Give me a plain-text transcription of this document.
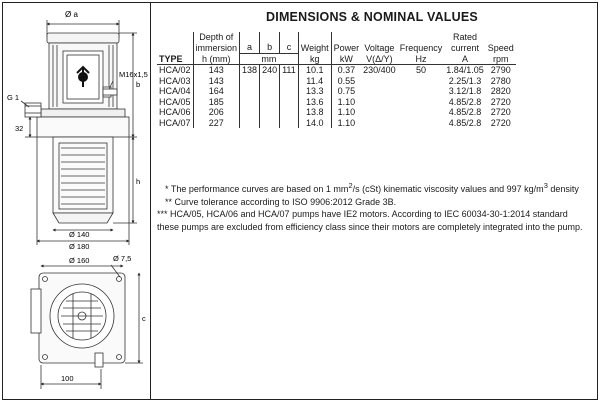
Ø a
M16x1,5
b
G 1
32
h
Ø 140
Ø 180
Ø 160	Ø 7,5
c
100
DIMENSIONS & NOMINAL VALUES
TYPE	Depth of
immersion	a	b	c	Weight	Power	Voltage	Frequency	Rated
current	Speed
	h (mm)	mm			kg	kW	V(Δ/Y)	Hz	A	rpm
HCA/02	143	138	240	111	10.1	0.37	230/400	50	1.84/1.05	2790
HCA/03	143				11.4	0.55			2.25/1.3	2780
HCA/04	164				13.3	0.75			3.12/1.8	2820
HCA/05	185				13.6	1.10			4.85/2.8	2720
HCA/06	206				13.8	1.10			4.85/2.8	2720
HCA/07	227				14.0	1.10			4.85/2.8	2720

* The performance curves are based on 1 $mm^2/s$ (cSt) kinematic viscosity values and 997 $kg/m^3$ density

** Curve tolerance according to ISO 9906:2012 Grade 3B.

*** HCA/05, HCA/06 and HCA/07 pumps have IE2 motors. According to IEC 60034-30-1:2014 standard these pumps are excluded from efficiency class since their motors are completely integrated into the pump.
